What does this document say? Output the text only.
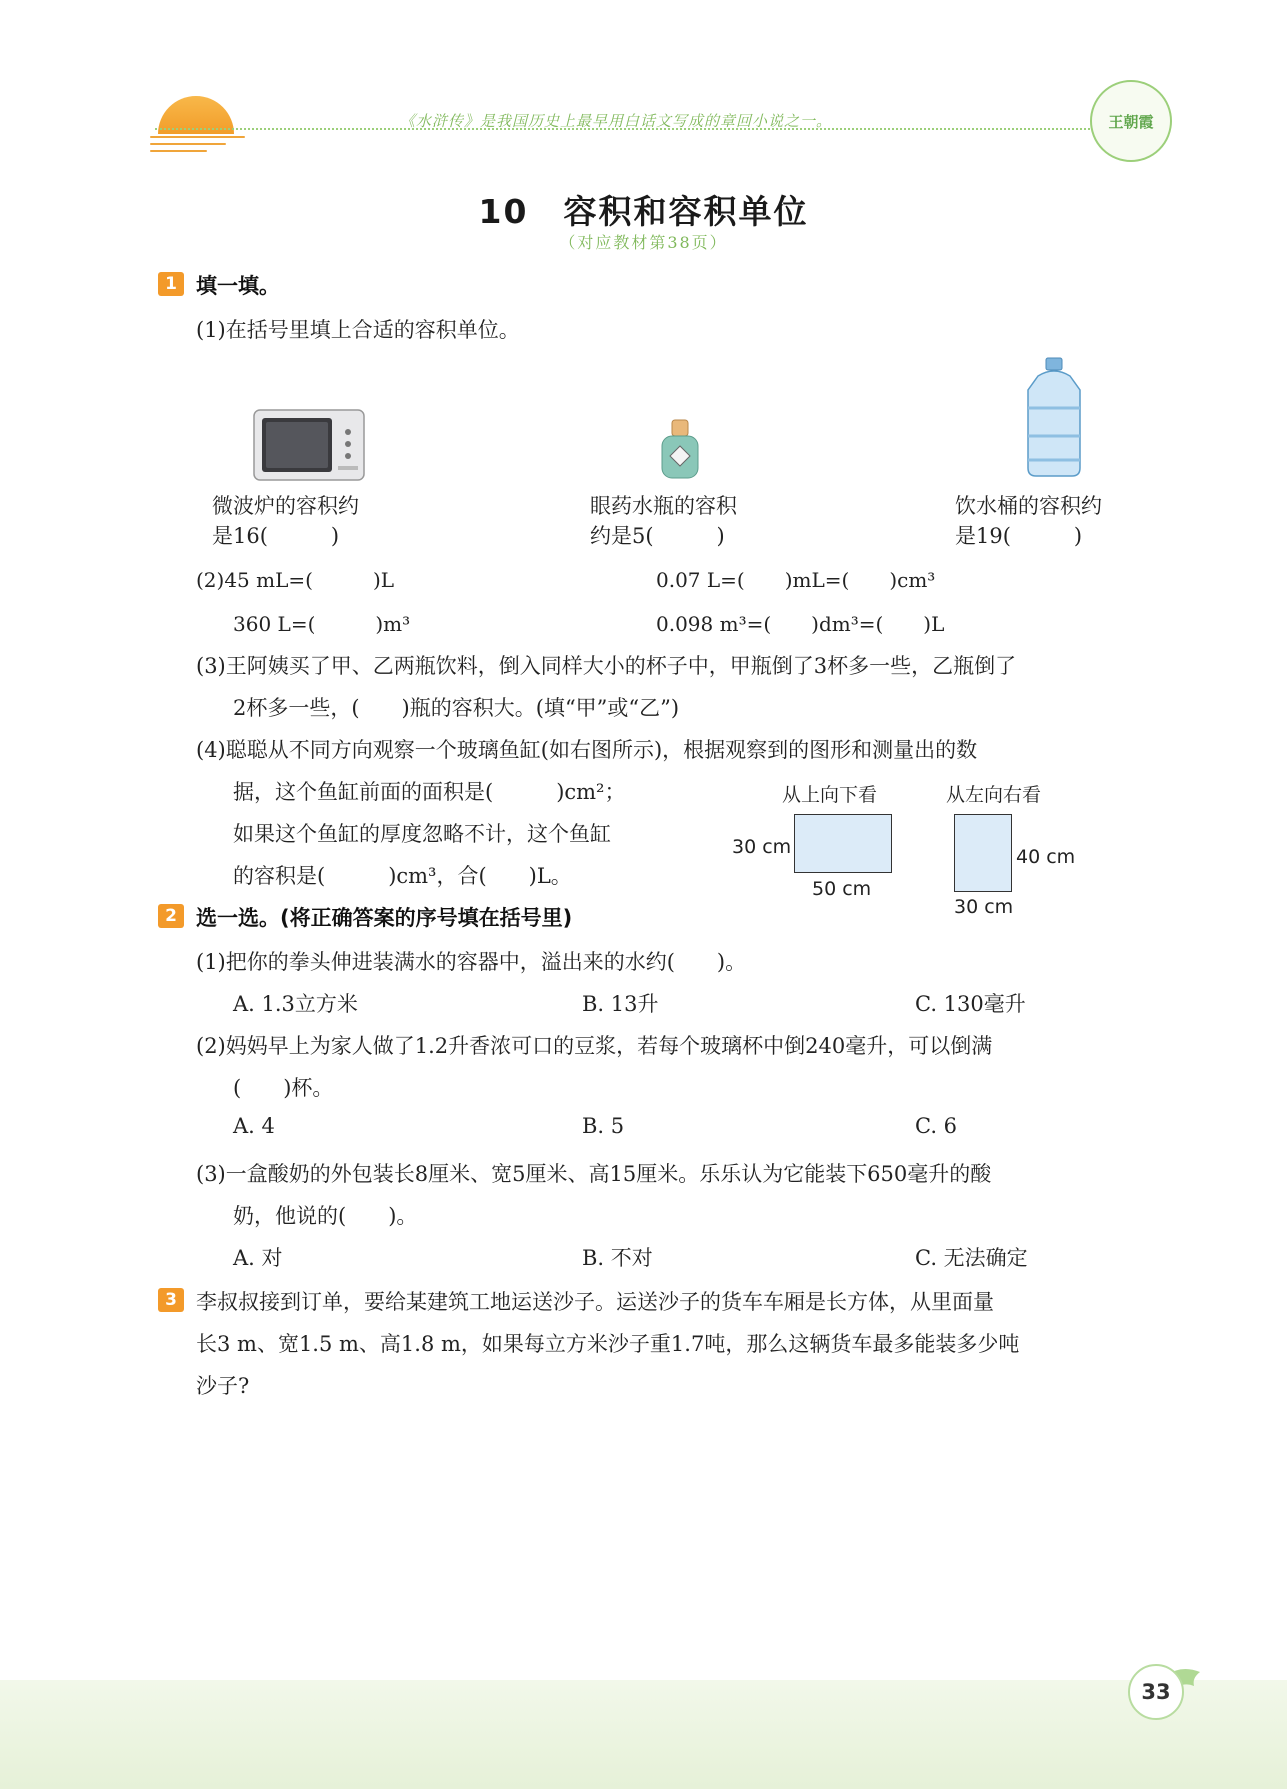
《水浒传》是我国历史上最早用白话文写成的章回小说之一。	王朝霞
10　容积和容积单位
（对应教材第38页）
1 填一填。
(1)在括号里填上合适的容积单位。
微波炉的容积约
是16(　　　)
眼药水瓶的容积
约是5(　　　)
饮水桶的容积约
是19(　　　)
(2)45 mL=(　　　)L	0.07 L=(　　)mL=(　　)cm³
360 L=(　　　)m³	0.098 m³=(　　)dm³=(　　)L
(3)王阿姨买了甲、乙两瓶饮料，倒入同样大小的杯子中，甲瓶倒了3杯多一些，乙瓶倒了
2杯多一些，(　　)瓶的容积大。(填“甲”或“乙”)
(4)聪聪从不同方向观察一个玻璃鱼缸(如右图所示)，根据观察到的图形和测量出的数
据，这个鱼缸前面的面积是(　　　)cm²；
如果这个鱼缸的厚度忽略不计，这个鱼缸
的容积是(　　　)cm³，合(　　)L。
从上向下看	从左向右看
30 cm
50 cm
40 cm
30 cm
2 选一选。(将正确答案的序号填在括号里)
(1)把你的拳头伸进装满水的容器中，溢出来的水约(　　)。
A. 1.3立方米	B. 13升	C. 130毫升
(2)妈妈早上为家人做了1.2升香浓可口的豆浆，若每个玻璃杯中倒240毫升，可以倒满
(　　)杯。
A. 4	B. 5	C. 6
(3)一盒酸奶的外包装长8厘米、宽5厘米、高15厘米。乐乐认为它能装下650毫升的酸
奶，他说的(　　)。
A. 对	B. 不对	C. 无法确定
3 李叔叔接到订单，要给某建筑工地运送沙子。运送沙子的货车车厢是长方体，从里面量
长3 m、宽1.5 m、高1.8 m，如果每立方米沙子重1.7吨，那么这辆货车最多能装多少吨
沙子?
33
